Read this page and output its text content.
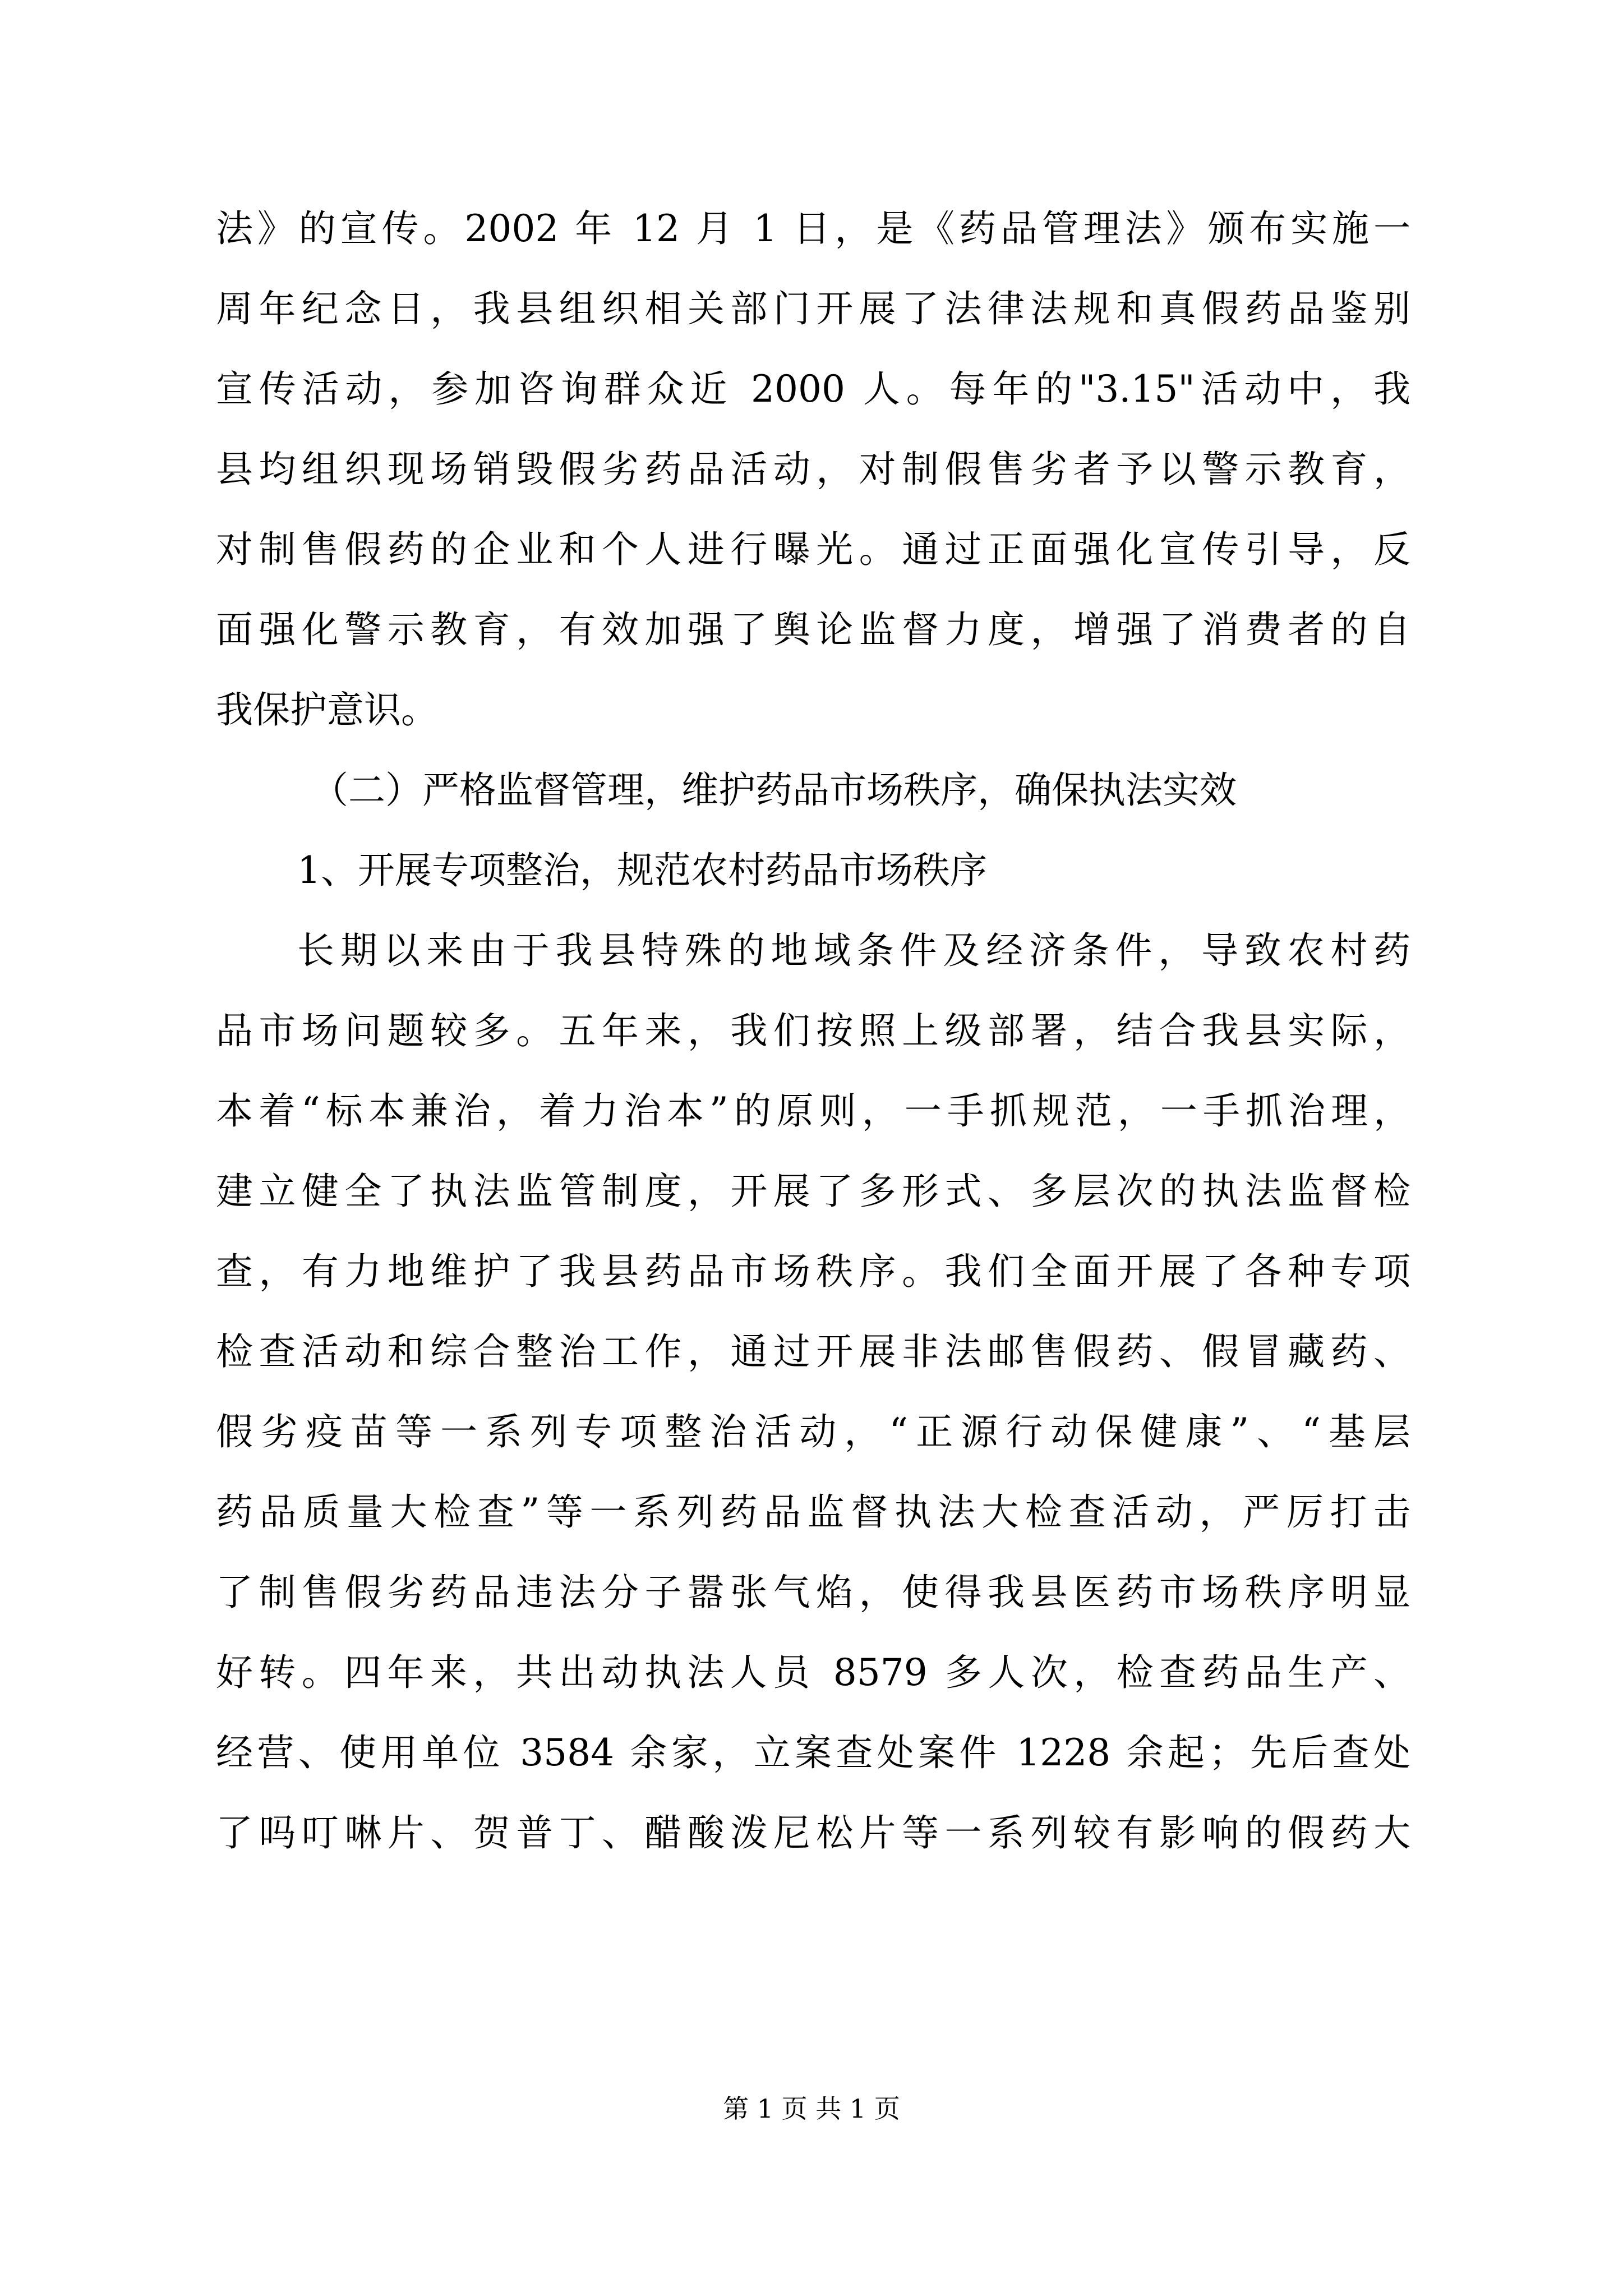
法》的宣传。2002 年 12 月 1 日，是《药品管理法》颁布实施一
周年纪念日，我县组织相关部门开展了法律法规和真假药品鉴别
宣传活动，参加咨询群众近 2000 人。每年的"3.15"活动中，我
县均组织现场销毁假劣药品活动，对制假售劣者予以警示教育，
对制售假药的企业和个人进行曝光。通过正面强化宣传引导，反
面强化警示教育，有效加强了舆论监督力度，增强了消费者的自
我保护意识。
（二）严格监督管理，维护药品市场秩序，确保执法实效
1、开展专项整治，规范农村药品市场秩序
长期以来由于我县特殊的地域条件及经济条件，导致农村药
品市场问题较多。五年来，我们按照上级部署，结合我县实际，
本着“标本兼治，着力治本”的原则，一手抓规范，一手抓治理，
建立健全了执法监管制度，开展了多形式、多层次的执法监督检
查，有力地维护了我县药品市场秩序。我们全面开展了各种专项
检查活动和综合整治工作，通过开展非法邮售假药、假冒藏药、
假劣疫苗等一系列专项整治活动，“正源行动保健康”、“基层
药品质量大检查”等一系列药品监督执法大检查活动，严厉打击
了制售假劣药品违法分子嚣张气焰，使得我县医药市场秩序明显
好转。四年来，共出动执法人员 8579 多人次，检查药品生产、
经营、使用单位 3584 余家，立案查处案件 1228 余起；先后查处
了吗叮啉片、贺普丁、醋酸泼尼松片等一系列较有影响的假药大
第 1 页 共 1 页
